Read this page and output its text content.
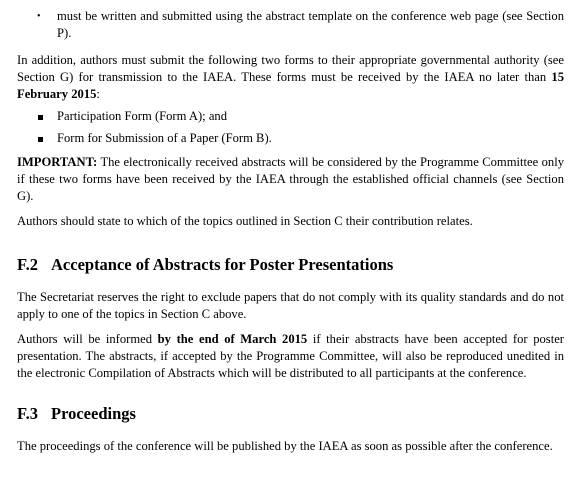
•	must be written and submitted using the abstract template on the conference web page (see Section P).

In addition, authors must submit the following two forms to their appropriate governmental authority (see Section G) for transmission to the IAEA. These forms must be received by the IAEA no later than 15 February 2015:

Participation Form (Form A); and
Form for Submission of a Paper (Form B).

IMPORTANT: The electronically received abstracts will be considered by the Programme Committee only if these two forms have been received by the IAEA through the established official channels (see Section G).

Authors should state to which of the topics outlined in Section C their contribution relates.

F.2 Acceptance of Abstracts for Poster Presentations

The Secretariat reserves the right to exclude papers that do not comply with its quality standards and do not apply to one of the topics in Section C above.

Authors will be informed by the end of March 2015 if their abstracts have been accepted for poster presentation. The abstracts, if accepted by the Programme Committee, will also be reproduced unedited in the electronic Compilation of Abstracts which will be distributed to all participants at the conference.

F.3 Proceedings

The proceedings of the conference will be published by the IAEA as soon as possible after the conference.
